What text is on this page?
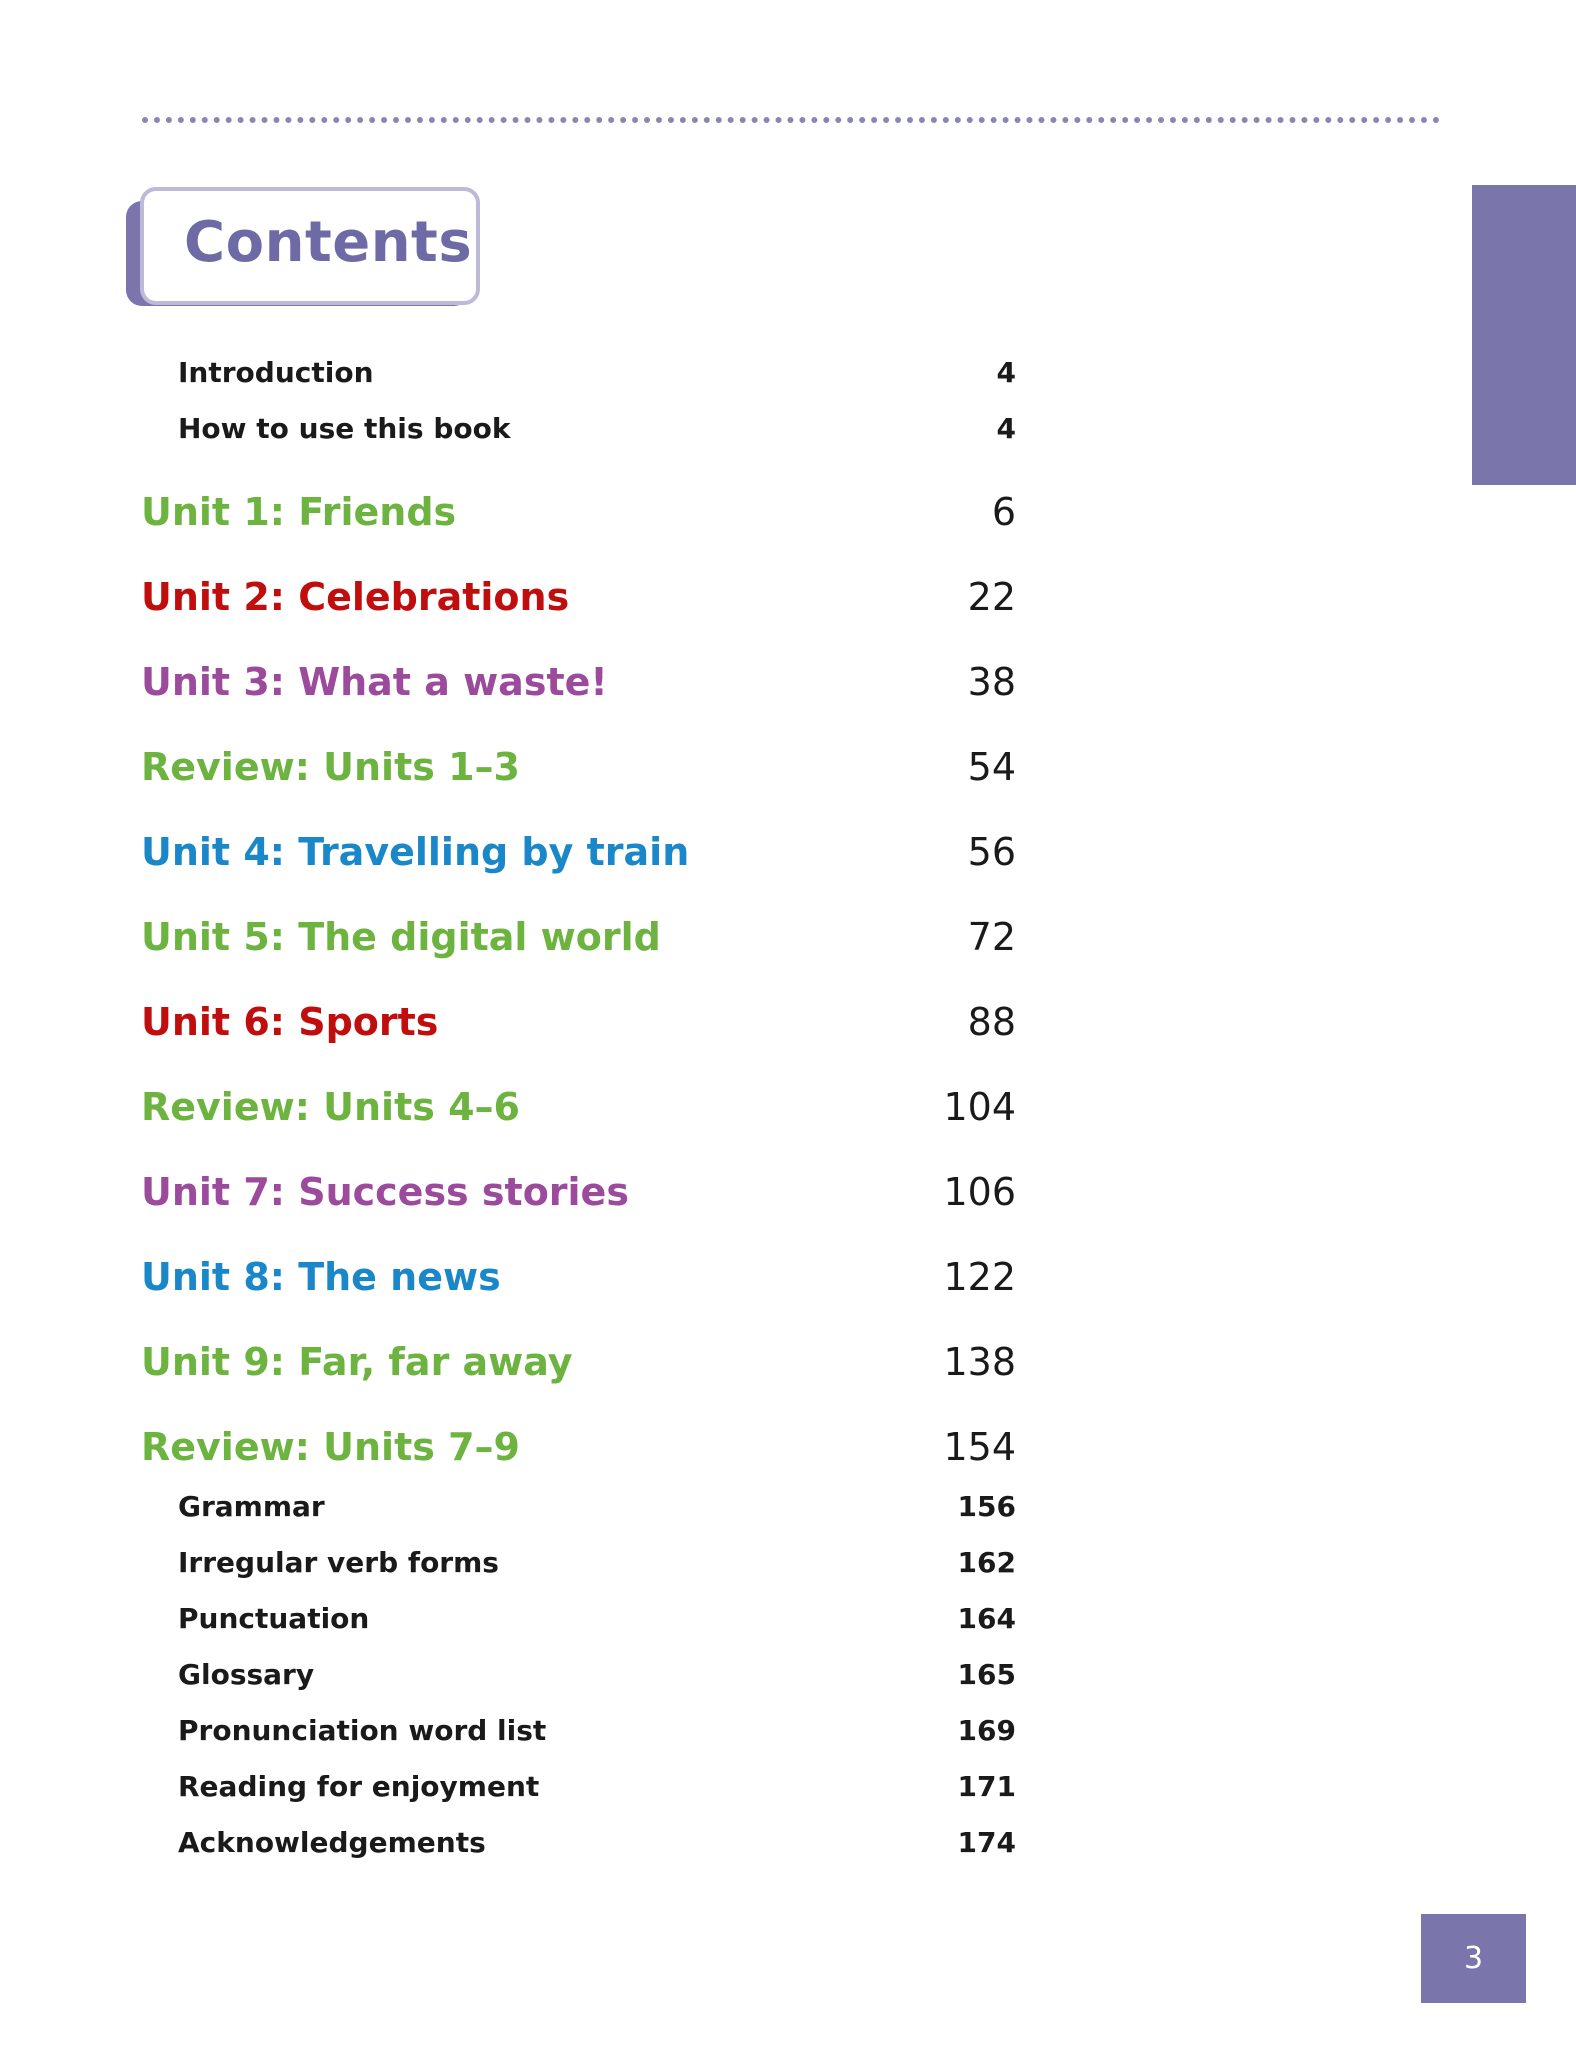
Contents
Introduction	4
How to use this book	4
Unit 1: Friends	6
Unit 2: Celebrations	22
Unit 3: What a waste!	38
Review: Units 1–3	54
Unit 4: Travelling by train	56
Unit 5: The digital world	72
Unit 6: Sports	88
Review: Units 4–6	104
Unit 7: Success stories	106
Unit 8: The news	122
Unit 9: Far, far away	138
Review: Units 7–9	154
Grammar	156
Irregular verb forms	162
Punctuation	164
Glossary	165
Pronunciation word list	169
Reading for enjoyment	171
Acknowledgements	174
3
